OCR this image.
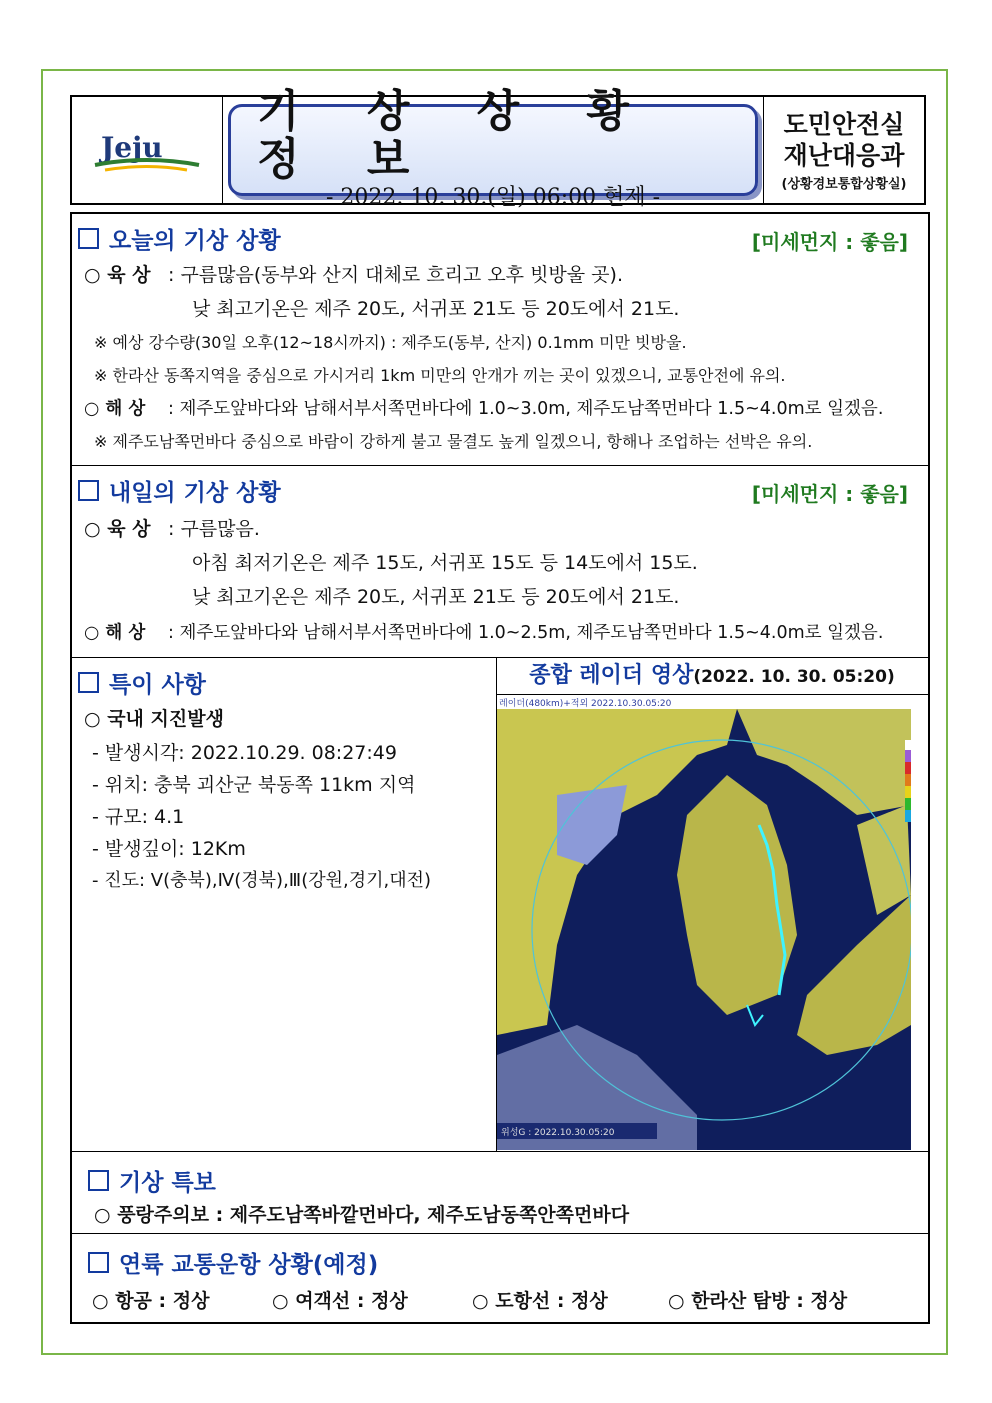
Jeju
기 상 상 황 정 보
- 2022. 10. 30.(일) 06:00 현제 -
도민안전실
재난대응과
(상황경보통합상황실)
오늘의 기상 상황	[미세먼지 : 좋음]
○ 육 상 : 구름많음(동부와 산지 대체로 흐리고 오후 빗방울 곳).
낮 최고기온은 제주 20도, 서귀포 21도 등 20도에서 21도.
※ 예상 강수량(30일 오후(12~18시까지) : 제주도(동부, 산지) 0.1mm 미만 빗방울.
※ 한라산 동쪽지역을 중심으로 가시거리 1km 미만의 안개가 끼는 곳이 있겠으니, 교통안전에 유의.
○ 해 상 : 제주도앞바다와 남해서부서쪽먼바다에 1.0~3.0m, 제주도남쪽먼바다 1.5~4.0m로 일겠음.
※ 제주도남쪽먼바다 중심으로 바람이 강하게 불고 물결도 높게 일겠으니, 항해나 조업하는 선박은 유의.
내일의 기상 상황	[미세먼지 : 좋음]
○ 육 상 : 구름많음.
아침 최저기온은 제주 15도, 서귀포 15도 등 14도에서 15도.
낮 최고기온은 제주 20도, 서귀포 21도 등 20도에서 21도.
○ 해 상 : 제주도앞바다와 남해서부서쪽먼바다에 1.0~2.5m, 제주도남쪽먼바다 1.5~4.0m로 일겠음.
특이 사항
○ 국내 지진발생
- 발생시각: 2022.10.29. 08:27:49
- 위치: 충북 괴산군 북동쪽 11km 지역
- 규모: 4.1
- 발생깊이: 12Km
- 진도: Ⅴ(충북),Ⅳ(경북),Ⅲ(강원,경기,대전)
종합 레이더 영상(2022. 10. 30. 05:20)
레이더(480km)+적외 2022.10.30.05:20
위성G : 2022.10.30.05:20
기상 특보
○ 풍랑주의보 : 제주도남쪽바깥먼바다, 제주도남동쪽안쪽먼바다
연륙 교통운항 상황(예정)
○ 항공 : 정상	○ 여객선 : 정상	○ 도항선 : 정상	○ 한라산 탐방 : 정상
